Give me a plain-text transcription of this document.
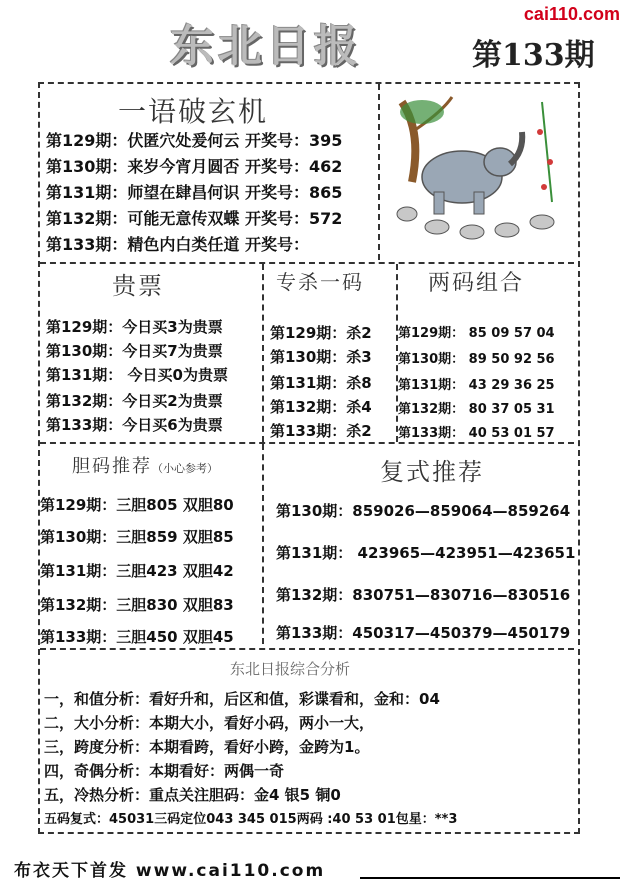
东北日报	第133期
cai110.com
一语破玄机
第129期：伏匿穴处爰何云 开奖号：395
第130期：来岁今宵月圆否 开奖号：462
第131期：师望在肆昌何识 开奖号：865
第132期：可能无意传双蝶 开奖号：572
第133期：精色内白类任道 开奖号：
贵票
第129期：今日买3为贵票
第130期：今日买7为贵票
第131期： 今日买0为贵票
第132期：今日买2为贵票
第133期：今日买6为贵票
专杀一码
第129期：杀2
第130期：杀3
第131期：杀8
第132期：杀4
第133期：杀2
两码组合
第129期： 85 09 57 04
第130期： 89 50 92 56
第131期： 43 29 36 25
第132期： 80 37 05 31
第133期： 40 53 01 57
胆码推荐（小心参考）
第129期：三胆805 双胆80
第130期：三胆859 双胆85
第131期：三胆423 双胆42
第132期：三胆830 双胆83
第133期：三胆450 双胆45
复式推荐
第130期：859026—859064—859264
第131期： 423965—423951—423651
第132期：830751—830716—830516
第133期：450317—450379—450179
东北日报综合分析
一，和值分析：看好升和，后区和值，彩谍看和，金和：04
二，大小分析：本期大小，看好小码，两小一大，
三，跨度分析：本期看跨，看好小跨，金跨为1。
四，奇偶分析：本期看好：两偶一奇
五，冷热分析：重点关注胆码：金4 银5 铜0
五码复式：45031三码定位043 345 015两码 :40 53 01包星：**3
布衣天下首发 www.cai110.com
